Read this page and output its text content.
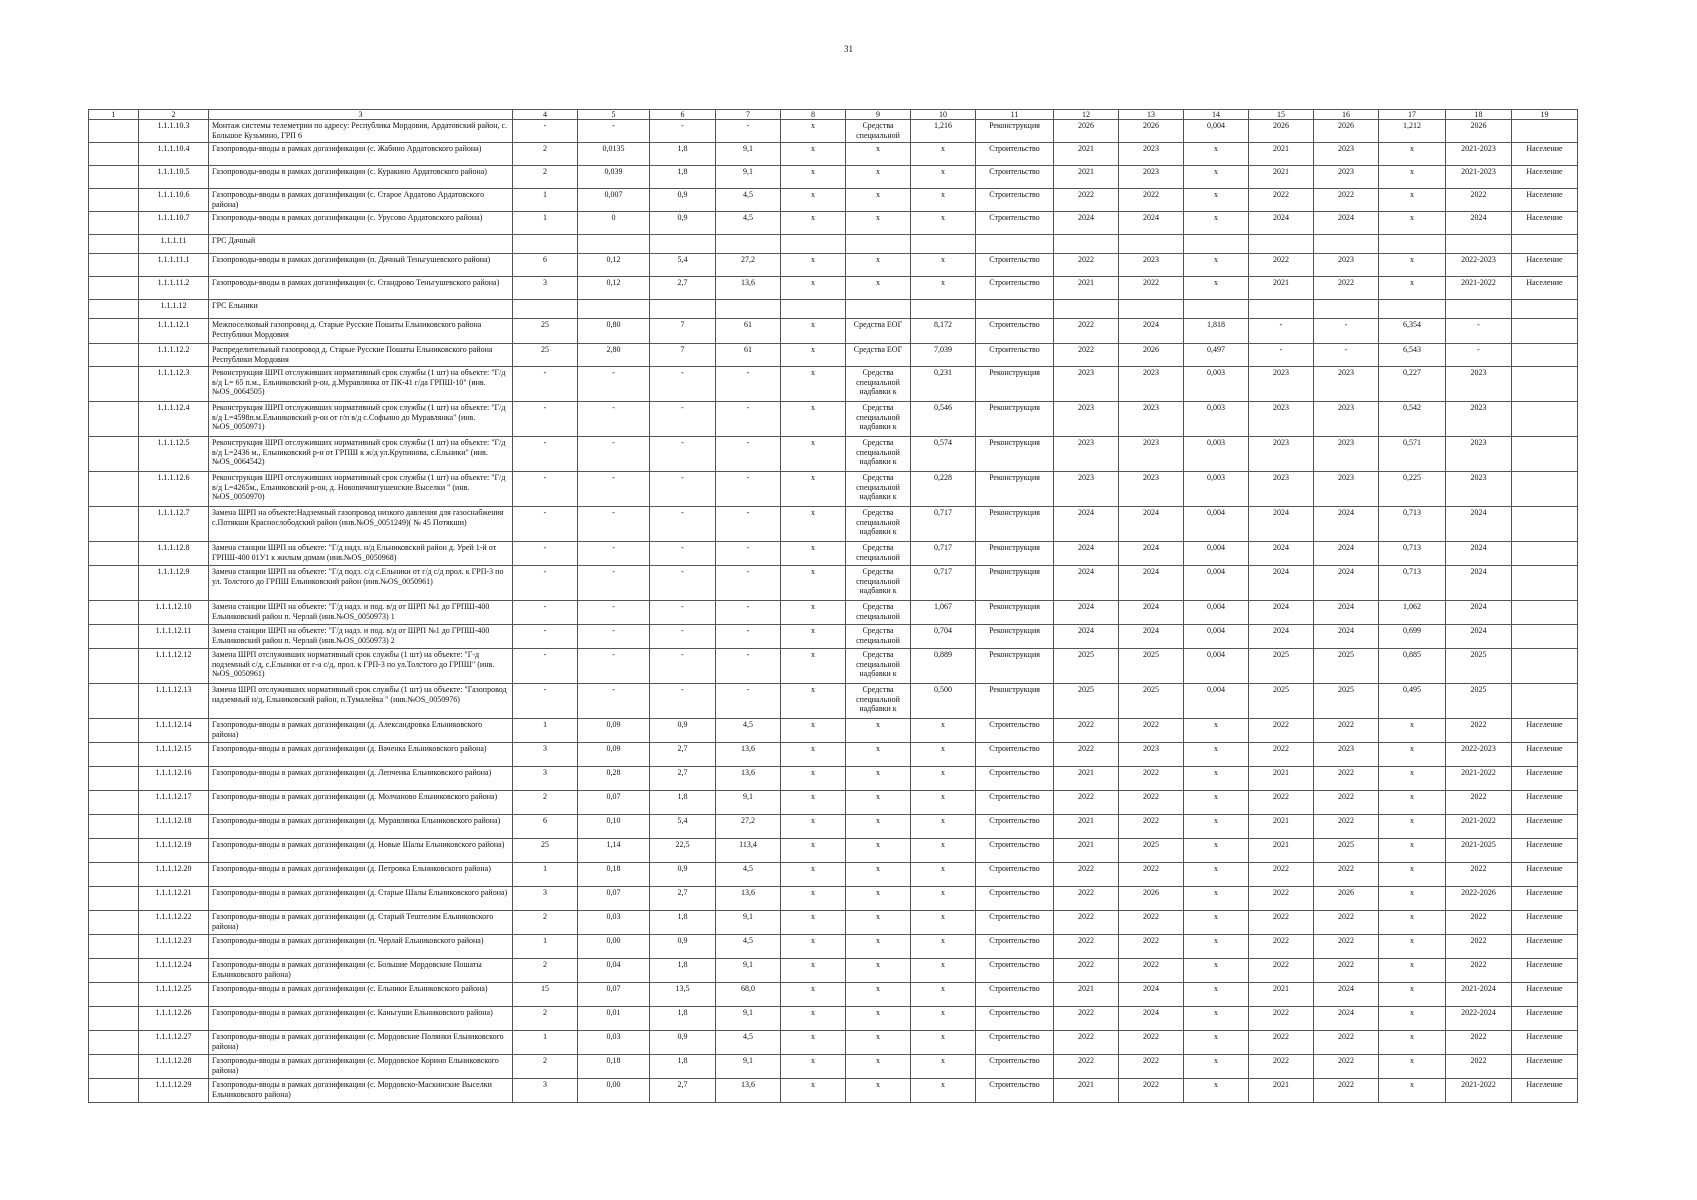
31
1	2	3	4	5	6	7	8	9	10	11	12	13	14	15	16	17	18	19
	1.1.1.10.3	Монтаж системы телеметрии по адресу: Республика Мордовия, Ардатовский район, с. Большое Кузьмино, ГРП 6	-	-	-	-	х	Средства специальной	1,216	Реконструкция	2026	2026	0,004	2026	2026	1,212	2026	
	1.1.1.10.4	Газопроводы-вводы в рамках догазификации (с. Жабино Ардатовского района)	2	0,0135	1,8	9,1	х	х	х	Строительство	2021	2023	х	2021	2023	х	2021-2023	Население
	1.1.1.10.5	Газопроводы-вводы в рамках догазификации (с. Куракино Ардатовского района)	2	0,039	1,8	9,1	х	х	х	Строительство	2021	2023	х	2021	2023	х	2021-2023	Население
	1.1.1.10.6	Газопроводы-вводы в рамках догазификации (с. Старое Ардатово Ардатовского района)	1	0,007	0,9	4,5	х	х	х	Строительство	2022	2022	х	2022	2022	х	2022	Население
	1.1.1.10.7	Газопроводы-вводы в рамках догазификации (с. Урусово Ардатовского района)	1	0	0,9	4,5	х	х	х	Строительство	2024	2024	х	2024	2024	х	2024	Население
	1.1.1.11	ГРС Дачный																
	1.1.1.11.1	Газопроводы-вводы в рамках догазификации (п. Дачный Теньгушевского района)	6	0,12	5,4	27,2	х	х	х	Строительство	2022	2023	х	2022	2023	х	2022-2023	Население
	1.1.1.11.2	Газопроводы-вводы в рамках догазификации (с. Стандрово Теньгушевского района)	3	0,12	2,7	13,6	х	х	х	Строительство	2021	2022	х	2021	2022	х	2021-2022	Население
	1.1.1.12	ГРС Ельники																
	1.1.1.12.1	Межпоселковый газопровод д. Старые Русские Пошаты Ельниковского района Республики Мордовия	25	0,80	7	61	х	Средства ЕОГ	8,172	Строительство	2022	2024	1,818	-	-	6,354	-	
	1.1.1.12.2	Распределительный газопровод д. Старые Русские Пошаты Ельниковского района Республики Мордовия	25	2,80	7	61	х	Средства ЕОГ	7,039	Строительство	2022	2026	0,497	-	-	6,543	-	
	1.1.1.12.3	Реконструкция ШРП отслуживших нормативный срок службы (1 шт) на объекте: "Г/д в/д L= 65 п.м., Ельниковский р-он, д.Муравлянка от ПК-41 г/да ГРПШ-10" (инв.№OS_0064505)	-	-	-	-	х	Средства специальной надбавки к	0,231	Реконструкция	2023	2023	0,003	2023	2023	0,227	2023	
	1.1.1.12.4	Реконструкция ШРП отслуживших нормативный срок службы (1 шт) на объекте: "Г/д в/д L=4598п.м.Ельниковский р-он от г/п в/д с.Софьино до Муравлянка" (инв.№OS_0050971)	-	-	-	-	х	Средства специальной надбавки к	0,546	Реконструкция	2023	2023	0,003	2023	2023	0,542	2023	
	1.1.1.12.5	Реконструкция ШРП отслуживших нормативный срок службы (1 шт) на объекте: "Г/д в/д L=2436 м., Ельниковский р-н от ГРПШ к ж/д ул.Крупинова, с.Ельники" (инв.№OS_0064542)	-	-	-	-	х	Средства специальной надбавки к	0,574	Реконструкция	2023	2023	0,003	2023	2023	0,571	2023	
	1.1.1.12.6	Реконструкция ШРП отслуживших нормативный срок службы (1 шт) на объекте: "Г/д в/д L=4265м., Ельниковский р-он, д. Новопичингушенские Выселки " (инв.№OS_0050970)	-	-	-	-	х	Средства специальной надбавки к	0,228	Реконструкция	2023	2023	0,003	2023	2023	0,225	2023	
	1.1.1.12.7	Замена ШРП на объекте:Надземный газопровод низкого давления для газоснабжения с.Потякши Краснослободский район (инв.№OS_0051249)( № 45 Потякши)	-	-	-	-	х	Средства специальной надбавки к	0,717	Реконструкция	2024	2024	0,004	2024	2024	0,713	2024	
	1.1.1.12.8	Замена станции ШРП на объекте: "Г/д надз. н/д Ельниковский район д. Урей 1-й от ГРПШ-400 01У1 к жилым домам (инв.№OS_0050968)	-	-	-	-	х	Средства специальной	0,717	Реконструкция	2024	2024	0,004	2024	2024	0,713	2024	
	1.1.1.12.9	Замена станции ШРП на объекте: "Г/д подз. с/д с.Ельники от г/д с/д прол. к ГРП-3 по ул. Толстого до ГРПШ Ельниковский район (инв.№OS_0050961)	-	-	-	-	х	Средства специальной надбавки к	0,717	Реконструкция	2024	2024	0,004	2024	2024	0,713	2024	
	1.1.1.12.10	Замена станции ШРП на объекте: "Г/д надз. и под. в/д от ШРП №1 до ГРПШ-400 Ельниковский район п. Черлай (инв.№OS_0050973) 1	-	-	-	-	х	Средства специальной	1,067	Реконструкция	2024	2024	0,004	2024	2024	1,062	2024	
	1.1.1.12.11	Замена станции ШРП на объекте: "Г/д надз. и под. в/д от ШРП №1 до ГРПШ-400 Ельниковский район п. Черлай (инв.№OS_0050973) 2	-	-	-	-	х	Средства специальной	0,704	Реконструкция	2024	2024	0,004	2024	2024	0,699	2024	
	1.1.1.12.12	Замена ШРП отслуживших нормативный срок службы (1 шт) на объекте: "Г-д подземный с/д, с.Ельники от г-а с/д, прол. к ГРП-3 по ул.Толстого до ГРПШ" (инв.№OS_0050961)	-	-	-	-	х	Средства специальной надбавки к	0,889	Реконструкция	2025	2025	0,004	2025	2025	0,885	2025	
	1.1.1.12.13	Замена ШРП отслуживших нормативный срок службы (1 шт) на объекте: "Газопровод надземный н/д, Ельниковский район, п.Тумалейка " (инв.№OS_0050976)	-	-	-	-	х	Средства специальной надбавки к	0,500	Реконструкция	2025	2025	0,004	2025	2025	0,495	2025	
	1.1.1.12.14	Газопроводы-вводы в рамках догазификации (д. Александровка Ельниковского района)	1	0,09	0,9	4,5	х	х	х	Строительство	2022	2022	х	2022	2022	х	2022	Население
	1.1.1.12.15	Газопроводы-вводы в рамках догазификации (д. Ваченка Ельниковского района)	3	0,09	2,7	13,6	х	х	х	Строительство	2022	2023	х	2022	2023	х	2022-2023	Население
	1.1.1.12.16	Газопроводы-вводы в рамках догазификации (д. Лепченка Ельниковского района)	3	0,28	2,7	13,6	х	х	х	Строительство	2021	2022	х	2021	2022	х	2021-2022	Население
	1.1.1.12.17	Газопроводы-вводы в рамках догазификации (д. Молчаново Ельниковского района)	2	0,07	1,8	9,1	х	х	х	Строительство	2022	2022	х	2022	2022	х	2022	Население
	1.1.1.12.18	Газопроводы-вводы в рамках догазификации (д. Муравлянка Ельниковского района)	6	0,10	5,4	27,2	х	х	х	Строительство	2021	2022	х	2021	2022	х	2021-2022	Население
	1.1.1.12.19	Газопроводы-вводы в рамках догазификации (д. Новые Шалы Ельниковского района)	25	1,14	22,5	113,4	х	х	х	Строительство	2021	2025	х	2021	2025	х	2021-2025	Население
	1.1.1.12.20	Газопроводы-вводы в рамках догазификации (д. Петровка Ельниковского района)	1	0,18	0,9	4,5	х	х	х	Строительство	2022	2022	х	2022	2022	х	2022	Население
	1.1.1.12.21	Газопроводы-вводы в рамках догазификации (д. Старые Шалы Ельниковского района)	3	0,07	2,7	13,6	х	х	х	Строительство	2022	2026	х	2022	2026	х	2022-2026	Население
	1.1.1.12.22	Газопроводы-вводы в рамках догазификации (д. Старый Тештелим Ельниковского района)	2	0,03	1,8	9,1	х	х	х	Строительство	2022	2022	х	2022	2022	х	2022	Население
	1.1.1.12.23	Газопроводы-вводы в рамках догазификации (п. Черлай Ельниковского района)	1	0,00	0,9	4,5	х	х	х	Строительство	2022	2022	х	2022	2022	х	2022	Население
	1.1.1.12.24	Газопроводы-вводы в рамках догазификации (с. Большие Мордовские Пошаты Ельниковского района)	2	0,04	1,8	9,1	х	х	х	Строительство	2022	2022	х	2022	2022	х	2022	Население
	1.1.1.12.25	Газопроводы-вводы в рамках догазификации (с. Ельники Ельниковского района)	15	0,07	13,5	68,0	х	х	х	Строительство	2021	2024	х	2021	2024	х	2021-2024	Население
	1.1.1.12.26	Газопроводы-вводы в рамках догазификации (с. Каньгуши Ельниковского района)	2	0,01	1,8	9,1	х	х	х	Строительство	2022	2024	х	2022	2024	х	2022-2024	Население
	1.1.1.12.27	Газопроводы-вводы в рамках догазификации (с. Мордовские Полянки Ельниковского района)	1	0,03	0,9	4,5	х	х	х	Строительство	2022	2022	х	2022	2022	х	2022	Население
	1.1.1.12.28	Газопроводы-вводы в рамках догазификации (с. Мордовское Корино Ельниковского района)	2	0,18	1,8	9,1	х	х	х	Строительство	2022	2022	х	2022	2022	х	2022	Население
	1.1.1.12.29	Газопроводы-вводы в рамках догазификации (с. Мордовско-Маскинские Выселки Ельниковского района)	3	0,00	2,7	13,6	х	х	х	Строительство	2021	2022	х	2021	2022	х	2021-2022	Население
